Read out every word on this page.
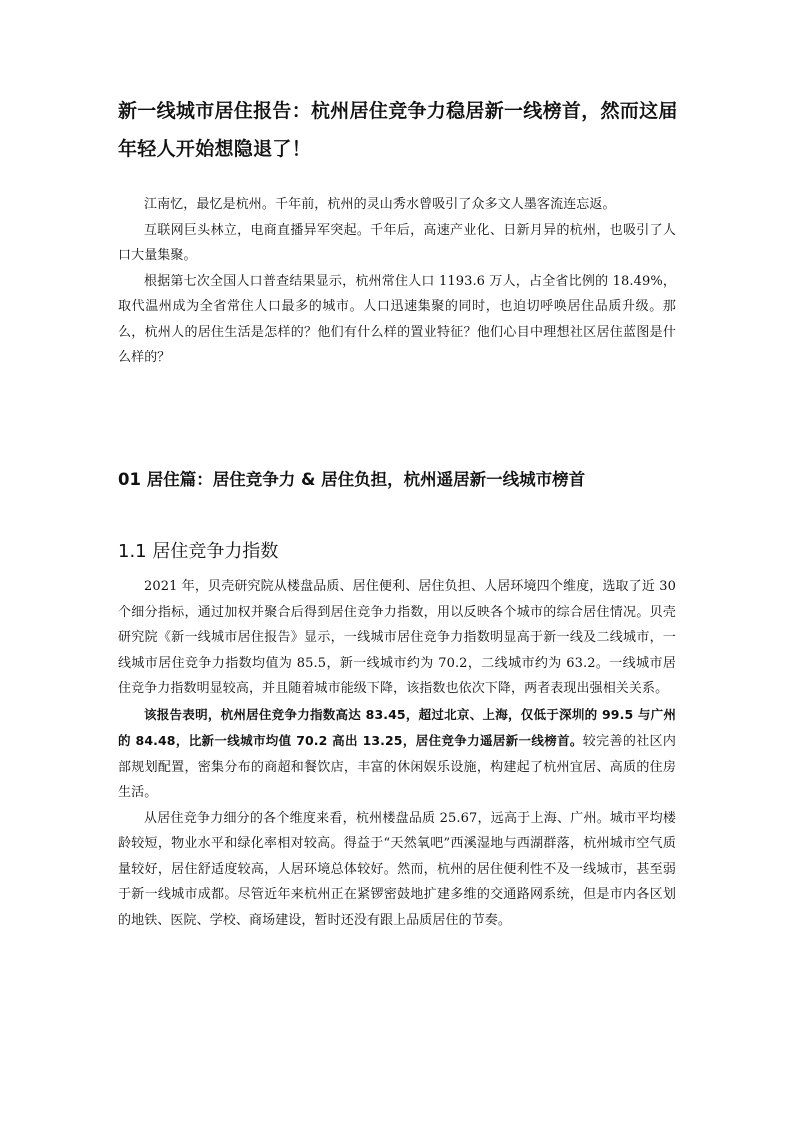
新一线城市居住报告：杭州居住竞争力稳居新一线榜首，然而这届年轻人开始想隐退了！

江南忆，最忆是杭州。千年前，杭州的灵山秀水曾吸引了众多文人墨客流连忘返。

互联网巨头林立，电商直播异军突起。千年后，高速产业化、日新月异的杭州，也吸引了人口大量集聚。

根据第七次全国人口普查结果显示，杭州常住人口 1193.6 万人，占全省比例的 18.49%，取代温州成为全省常住人口最多的城市。人口迅速集聚的同时，也迫切呼唤居住品质升级。那么，杭州人的居住生活是怎样的？他们有什么样的置业特征？他们心目中理想社区居住蓝图是什么样的？

01 居住篇：居住竞争力 & 居住负担，杭州遥居新一线城市榜首
1.1 居住竞争力指数

2021 年，贝壳研究院从楼盘品质、居住便利、居住负担、人居环境四个维度，选取了近 30 个细分指标，通过加权并聚合后得到居住竞争力指数，用以反映各个城市的综合居住情况。贝壳研究院《新一线城市居住报告》显示，一线城市居住竞争力指数明显高于新一线及二线城市，一线城市居住竞争力指数均值为 85.5，新一线城市约为 70.2，二线城市约为 63.2。一线城市居住竞争力指数明显较高，并且随着城市能级下降，该指数也依次下降，两者表现出强相关关系。

该报告表明，杭州居住竞争力指数高达 83.45，超过北京、上海，仅低于深圳的 99.5 与广州的 84.48，比新一线城市均值 70.2 高出 13.25，居住竞争力遥居新一线榜首。较完善的社区内部规划配置，密集分布的商超和餐饮店，丰富的休闲娱乐设施，构建起了杭州宜居、高质的住房生活。

从居住竞争力细分的各个维度来看，杭州楼盘品质 25.67，远高于上海、广州。城市平均楼龄较短，物业水平和绿化率相对较高。得益于“天然氧吧”西溪湿地与西湖群落，杭州城市空气质量较好，居住舒适度较高，人居环境总体较好。然而，杭州的居住便利性不及一线城市，甚至弱于新一线城市成都。尽管近年来杭州正在紧锣密鼓地扩建多维的交通路网系统，但是市内各区划的地铁、医院、学校、商场建设，暂时还没有跟上品质居住的节奏。
